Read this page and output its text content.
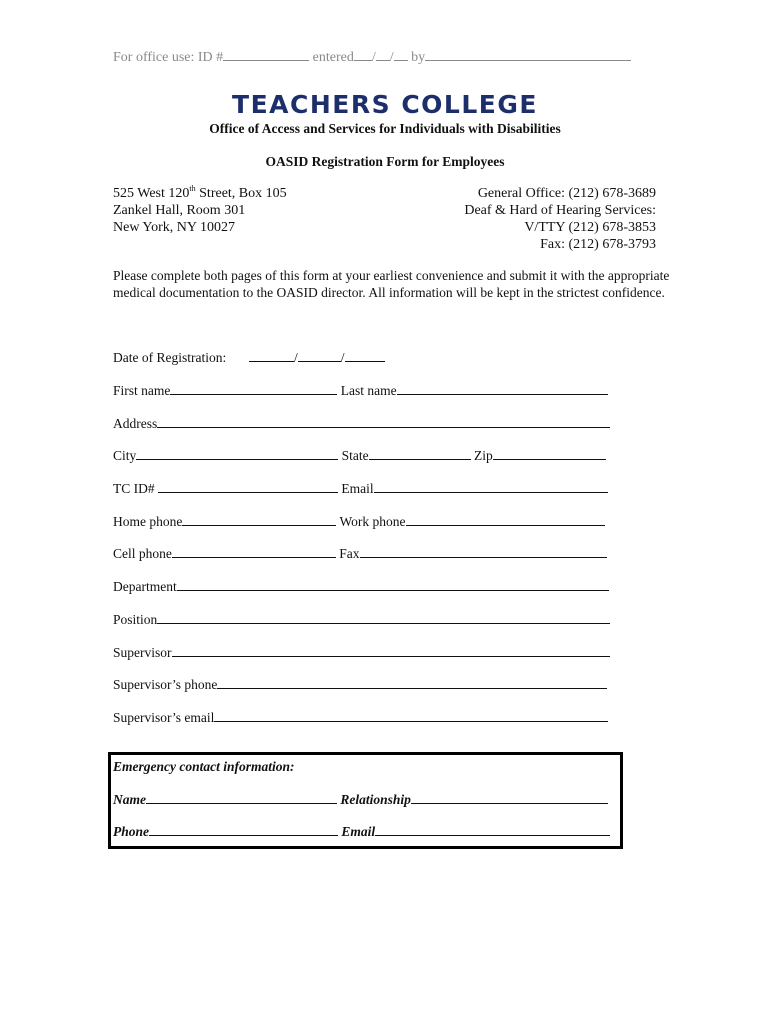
For office use: ID #	entered / / by
TEACHERS COLLEGE
Office of Access and Services for Individuals with Disabilities
OASID Registration Form for Employees
525 West 120th Street, Box 105
Zankel Hall, Room 301
New York, NY 10027
General Office: (212) 678-3689
Deaf & Hard of Hearing Services:
V/TTY (212) 678-3853
Fax: (212) 678-3793
Please complete both pages of this form at your earliest convenience and submit it with the appropriate medical documentation to the OASID director. All information will be kept in the strictest confidence.
Date of Registration:	/	/
First name	Last name
Address
City	State	Zip
TC ID#	Email
Home phone	Work phone
Cell phone	Fax
Department
Position
Supervisor
Supervisor’s phone
Supervisor’s email
Emergency contact information:
Name	Relationship
Phone	Email
